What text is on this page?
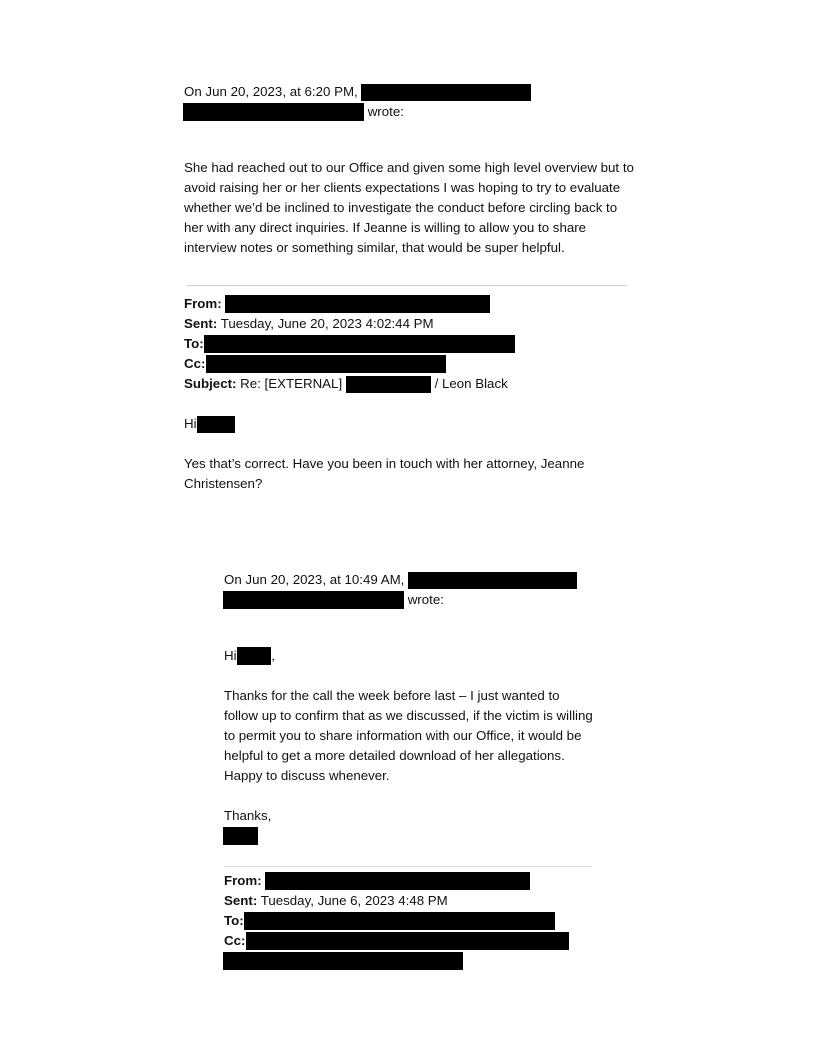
On Jun 20, 2023, at 6:20 PM,
wrote:
She had reached out to our Office and given some high level overview but to avoid raising her or her clients expectations I was hoping to try to evaluate whether we’d be inclined to investigate the conduct before circling back to her with any direct inquiries. If Jeanne is willing to allow you to share interview notes or something similar, that would be super helpful.
From:
Sent: Tuesday, June 20, 2023 4:02:44 PM
To:
Cc:
Subject: Re: [EXTERNAL]	/ Leon Black
Hi
Yes that’s correct. Have you been in touch with her attorney, Jeanne Christensen?
On Jun 20, 2023, at 10:49 AM,
wrote:
Hi	,
Thanks for the call the week before last – I just wanted to follow up to confirm that as we discussed, if the victim is willing to permit you to share information with our Office, it would be helpful to get a more detailed download of her allegations. Happy to discuss whenever.
Thanks,
From:
Sent: Tuesday, June 6, 2023 4:48 PM
To:
Cc:
